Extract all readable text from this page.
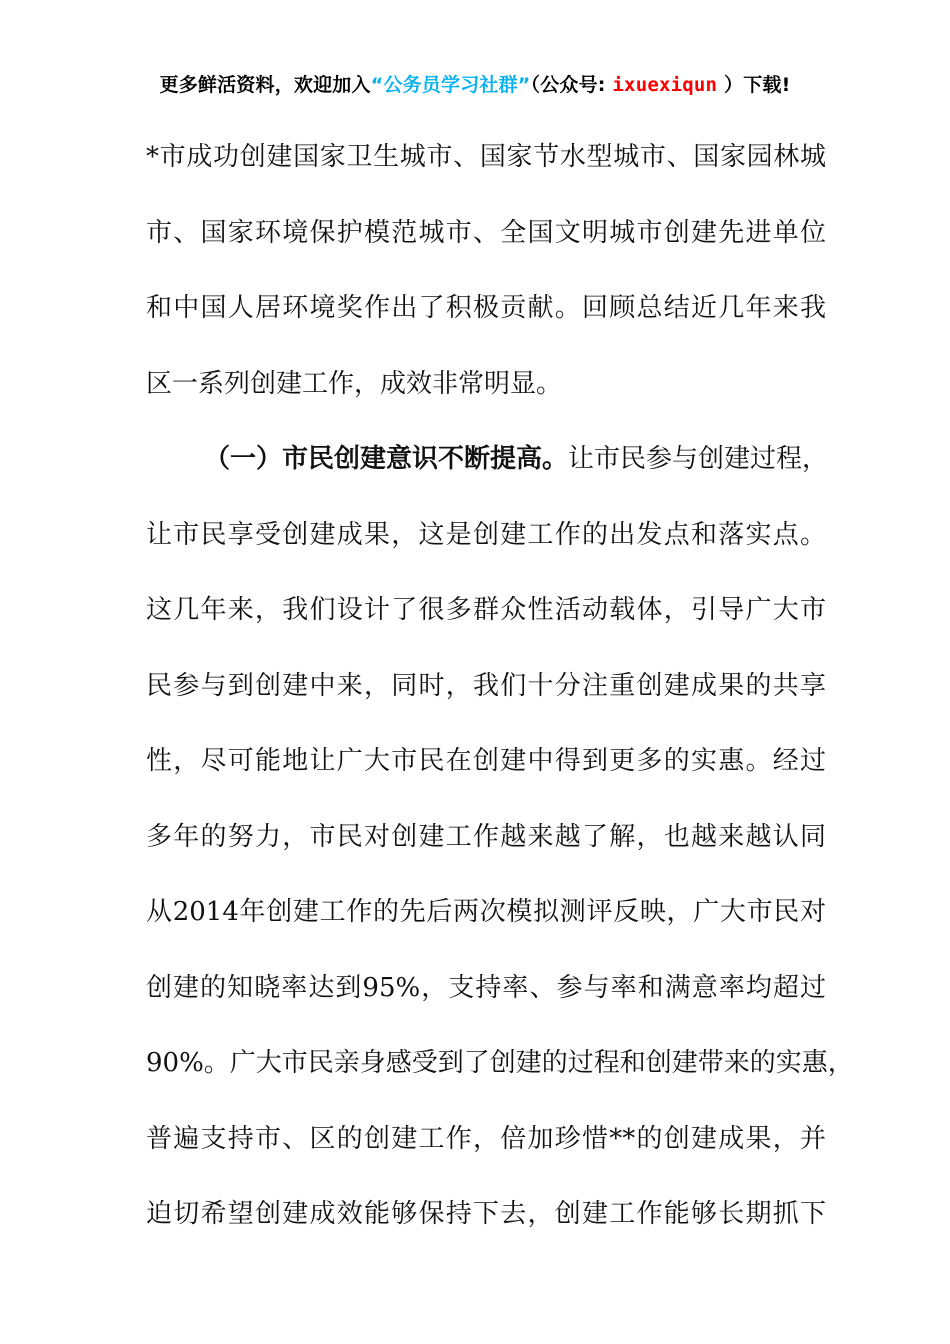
更多鲜活资料，欢迎加入“公务员学习社群”（公众号: ixuexiqun ）下载!
*市成功创建国家卫生城市、国家节水型城市、国家园林城
市、国家环境保护模范城市、全国文明城市创建先进单位
和中国人居环境奖作出了积极贡献。回顾总结近几年来我
区一系列创建工作，成效非常明显。
（一）市民创建意识不断提高。让市民参与创建过程，
让市民享受创建成果，这是创建工作的出发点和落实点。
这几年来，我们设计了很多群众性活动载体，引导广大市
民参与到创建中来，同时，我们十分注重创建成果的共享
性，尽可能地让广大市民在创建中得到更多的实惠。经过
多年的努力，市民对创建工作越来越了解，也越来越认同
从2014年创建工作的先后两次模拟测评反映，广大市民对
创建的知晓率达到95%，支持率、参与率和满意率均超过
90%。广大市民亲身感受到了创建的过程和创建带来的实惠，
普遍支持市、区的创建工作，倍加珍惜**的创建成果，并
迫切希望创建成效能够保持下去，创建工作能够长期抓下
